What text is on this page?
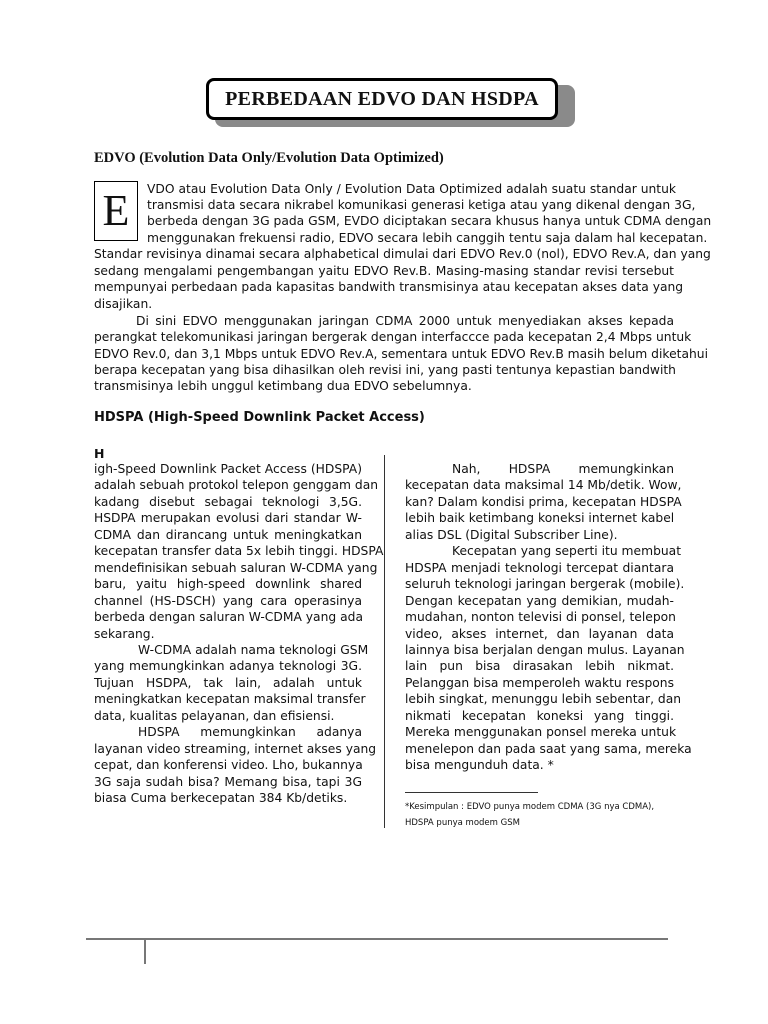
PERBEDAAN EDVO DAN HSDPA
EDVO (Evolution Data Only/Evolution Data Optimized)
E	VDO atau Evolution Data Only / Evolution Data Optimized adalah suatu standar untuk
transmisi data secara nikrabel komunikasi generasi ketiga atau yang dikenal dengan 3G,
berbeda dengan 3G pada GSM, EVDO diciptakan secara khusus hanya untuk CDMA dengan
menggunakan frekuensi radio, EDVO secara lebih canggih tentu saja dalam hal kecepatan.
Standar revisinya dinamai secara alphabetical dimulai dari EDVO Rev.0 (nol), EDVO Rev.A, dan yang
sedang mengalami pengembangan yaitu EDVO Rev.B. Masing-masing standar revisi tersebut
mempunyai perbedaan pada kapasitas bandwith transmisinya atau kecepatan akses data yang
disajikan.
Di sini EDVO menggunakan jaringan CDMA 2000 untuk menyediakan akses kepada
perangkat telekomunikasi jaringan bergerak dengan interfaccce pada kecepatan 2,4 Mbps untuk
EDVO Rev.0, dan 3,1 Mbps untuk EDVO Rev.A, sementara untuk EDVO Rev.B masih belum diketahui
berapa kecepatan yang bisa dihasilkan oleh revisi ini, yang pasti tentunya kepastian bandwith
transmisinya lebih unggul ketimbang dua EDVO sebelumnya.
HDSPA (High-Speed Downlink Packet Access)
H
igh-Speed Downlink Packet Access (HDSPA)
adalah sebuah protokol telepon genggam dan
kadang disebut sebagai teknologi 3,5G.
HSDPA merupakan evolusi dari standar W-
CDMA dan dirancang untuk meningkatkan
kecepatan transfer data 5x lebih tinggi. HDSPA
mendefinisikan sebuah saluran W-CDMA yang
baru, yaitu high-speed downlink shared
channel (HS-DSCH) yang cara operasinya
berbeda dengan saluran W-CDMA yang ada
sekarang.
W-CDMA adalah nama teknologi GSM
yang memungkinkan adanya teknologi 3G.
Tujuan HSDPA, tak lain, adalah untuk
meningkatkan kecepatan maksimal transfer
data, kualitas pelayanan, dan efisiensi.
HDSPA memungkinkan adanya
layanan video streaming, internet akses yang
cepat, dan konferensi video. Lho, bukannya
3G saja sudah bisa? Memang bisa, tapi 3G
biasa Cuma berkecepatan 384 Kb/detiks.
Nah, HDSPA memungkinkan
kecepatan data maksimal 14 Mb/detik. Wow,
kan? Dalam kondisi prima, kecepatan HDSPA
lebih baik ketimbang koneksi internet kabel
alias DSL (Digital Subscriber Line).
Kecepatan yang seperti itu membuat
HDSPA menjadi teknologi tercepat diantara
seluruh teknologi jaringan bergerak (mobile).
Dengan kecepatan yang demikian, mudah-
mudahan, nonton televisi di ponsel, telepon
video, akses internet, dan layanan data
lainnya bisa berjalan dengan mulus. Layanan
lain pun bisa dirasakan lebih nikmat.
Pelanggan bisa memperoleh waktu respons
lebih singkat, menunggu lebih sebentar, dan
nikmati kecepatan koneksi yang tinggi.
Mereka menggunakan ponsel mereka untuk
menelepon dan pada saat yang sama, mereka
bisa mengunduh data. *
*Kesimpulan : EDVO punya modem CDMA (3G nya CDMA),
HDSPA punya modem GSM
